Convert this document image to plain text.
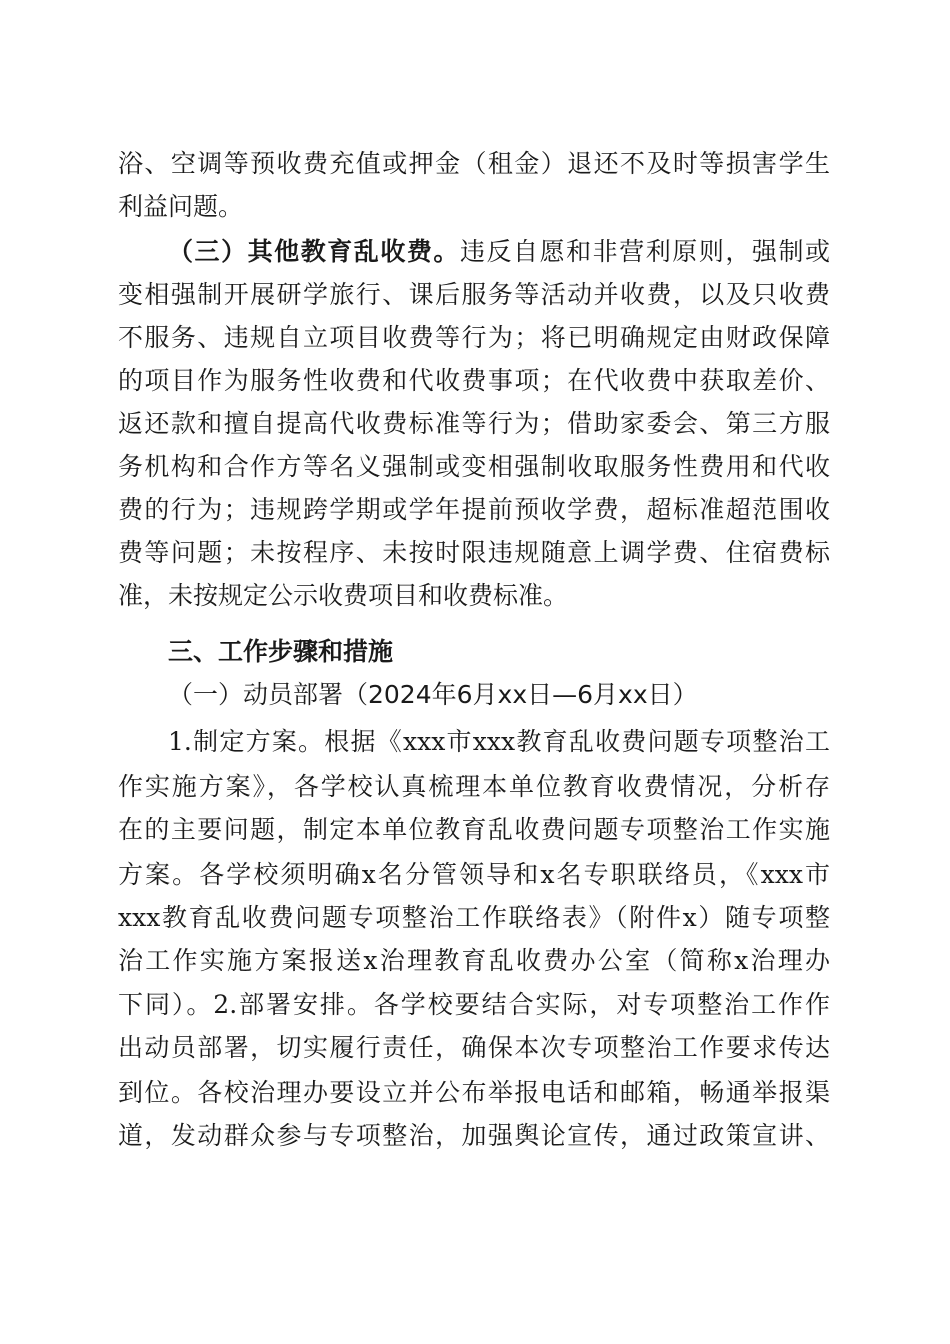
浴、空调等预收费充值或押金（租金）退还不及时等损害学生
利益问题。
（三）其他教育乱收费。违反自愿和非营利原则，强制或
变相强制开展研学旅行、课后服务等活动并收费，以及只收费
不服务、违规自立项目收费等行为；将已明确规定由财政保障
的项目作为服务性收费和代收费事项；在代收费中获取差价、
返还款和擅自提高代收费标准等行为；借助家委会、第三方服
务机构和合作方等名义强制或变相强制收取服务性费用和代收
费的行为；违规跨学期或学年提前预收学费，超标准超范围收
费等问题；未按程序、未按时限违规随意上调学费、住宿费标
准，未按规定公示收费项目和收费标准。
三、工作步骤和措施
（一）动员部署（2024年6月xx日—6月xx日）
1.制定方案。根据《xxx市xxx教育乱收费问题专项整治工
作实施方案》，各学校认真梳理本单位教育收费情况，分析存
在的主要问题，制定本单位教育乱收费问题专项整治工作实施
方案。各学校须明确x名分管领导和x名专职联络员，《xxx市
xxx教育乱收费问题专项整治工作联络表》（附件x）随专项整
治工作实施方案报送x治理教育乱收费办公室（简称x治理办
下同）。2.部署安排。各学校要结合实际，对专项整治工作作
出动员部署，切实履行责任，确保本次专项整治工作要求传达
到位。各校治理办要设立并公布举报电话和邮箱，畅通举报渠
道，发动群众参与专项整治，加强舆论宣传，通过政策宣讲、
